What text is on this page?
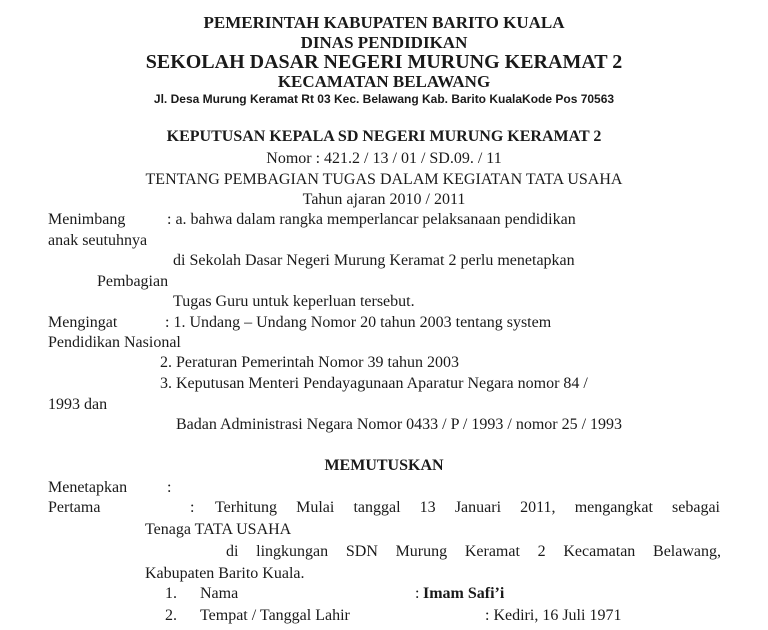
PEMERINTAH KABUPATEN BARITO KUALA
DINAS PENDIDIKAN
SEKOLAH DASAR NEGERI MURUNG KERAMAT 2
KECAMATAN BELAWANG
Jl. Desa Murung Keramat Rt 03 Kec. Belawang Kab. Barito KualaKode Pos 70563
KEPUTUSAN KEPALA SD NEGERI MURUNG KERAMAT 2
Nomor : 421.2 / 13 / 01 / SD.09. / 11
TENTANG PEMBAGIAN TUGAS DALAM KEGIATAN TATA USAHA
Tahun ajaran 2010 / 2011
Menimbang	: a. bahwa dalam rangka memperlancar pelaksanaan pendidikan
anak seutuhnya
di Sekolah Dasar Negeri Murung Keramat 2 perlu menetapkan
Pembagian
Tugas Guru untuk keperluan tersebut.
Mengingat	: 1. Undang – Undang Nomor 20 tahun 2003 tentang system
Pendidikan Nasional
2. Peraturan Pemerintah Nomor 39 tahun 2003
3. Keputusan Menteri Pendayagunaan Aparatur Negara nomor 84 /
1993 dan
Badan Administrasi Negara Nomor 0433 / P / 1993 / nomor 25 / 1993
MEMUTUSKAN
Menetapkan :
Pertama	: Terhitung Mulai tanggal 13 Januari 2011, mengangkat sebagai
Tenaga TATA USAHA
di lingkungan SDN Murung Keramat 2 Kecamatan Belawang,
Kabupaten Barito Kuala.
1. Nama	: Imam Safi’i
2. Tempat / Tanggal Lahir	: Kediri, 16 Juli 1971
